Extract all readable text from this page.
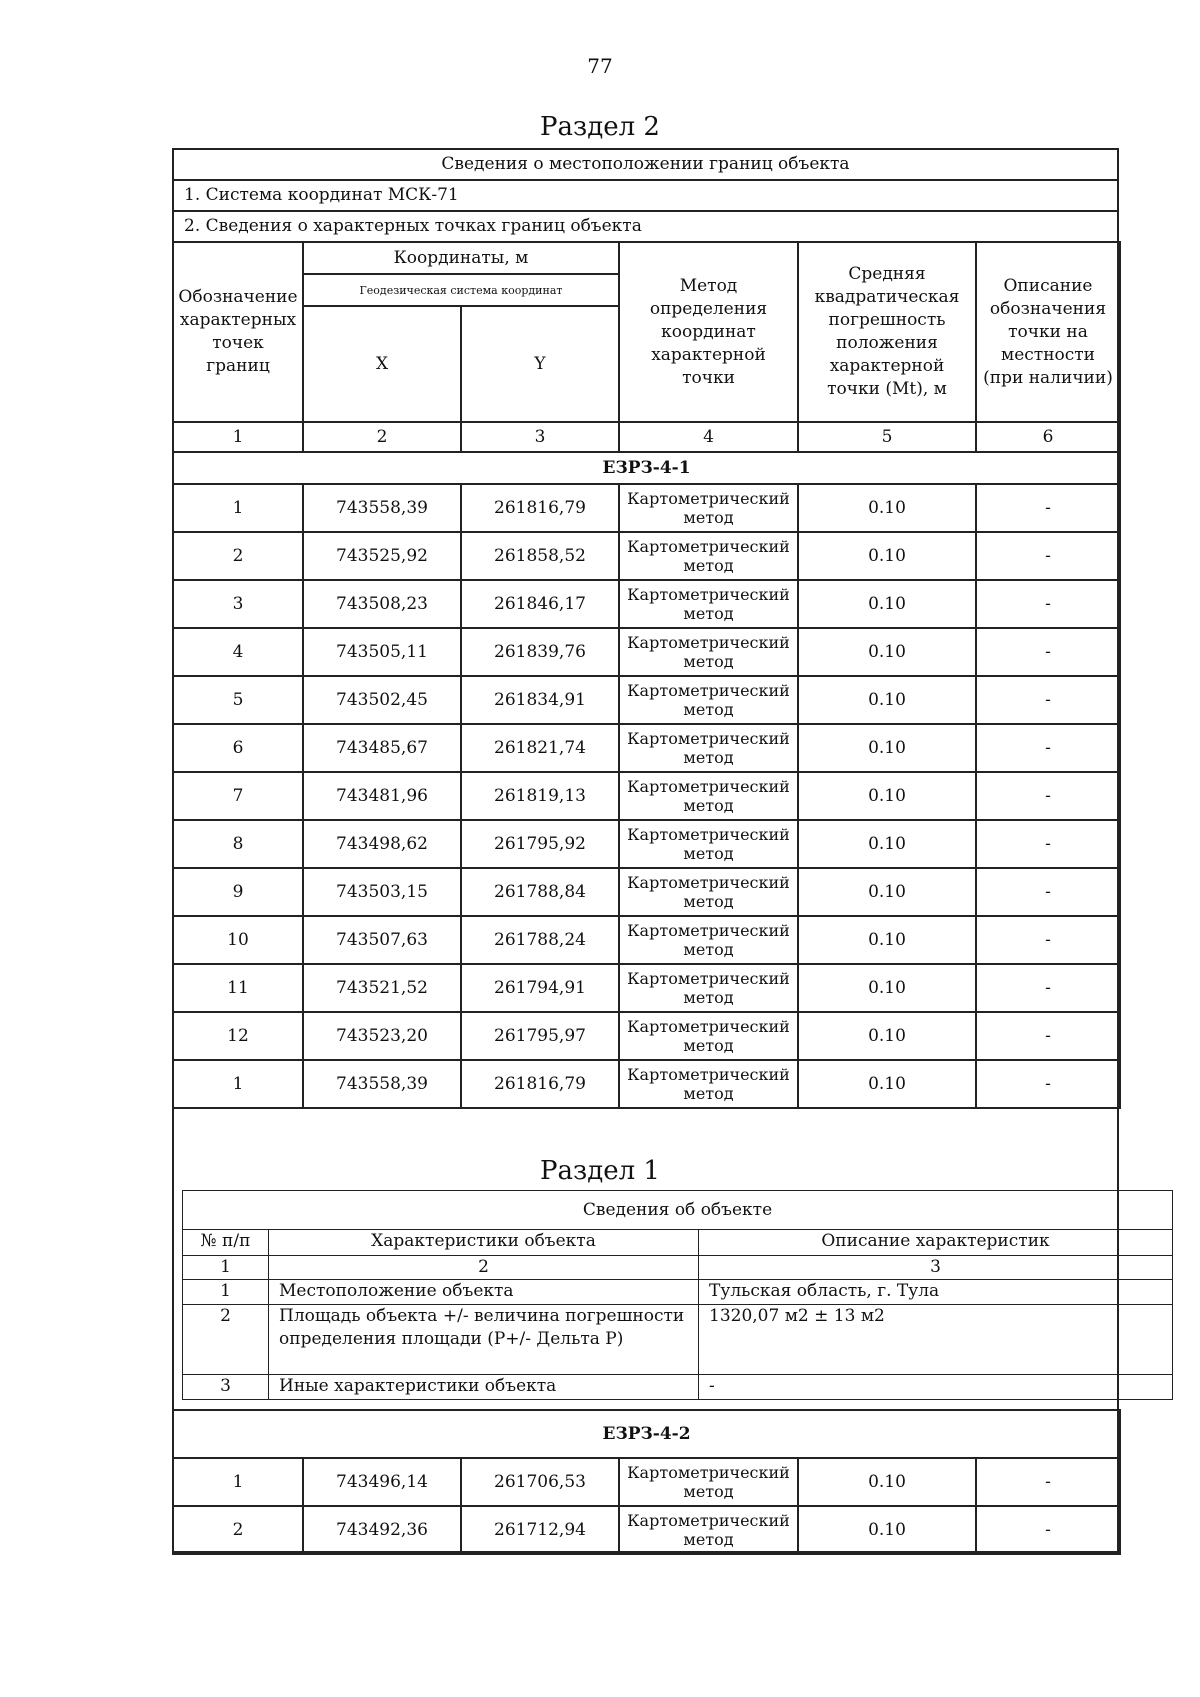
77
Раздел 2
Сведения о местоположении границ объекта
1. Система координат МСК-71
2. Сведения о характерных точках границ объекта
Обозначение характерных точек границ	Координаты, м		Метод определения координат характерной точки	Средняя квадратическая погрешность положения характерной точки (Mt), м	Описание обозначения точки на местности (при наличии)
	Геодезическая система координат				
	X	Y			
1	2	3	4	5	6
ЕЗРЗ-4-1					
1	743558,39	261816,79	Картометрический метод	0.10	-
2	743525,92	261858,52	Картометрический метод	0.10	-
3	743508,23	261846,17	Картометрический метод	0.10	-
4	743505,11	261839,76	Картометрический метод	0.10	-
5	743502,45	261834,91	Картометрический метод	0.10	-
6	743485,67	261821,74	Картометрический метод	0.10	-
7	743481,96	261819,13	Картометрический метод	0.10	-
8	743498,62	261795,92	Картометрический метод	0.10	-
9	743503,15	261788,84	Картометрический метод	0.10	-
10	743507,63	261788,24	Картометрический метод	0.10	-
11	743521,52	261794,91	Картометрический метод	0.10	-
12	743523,20	261795,97	Картометрический метод	0.10	-
1	743558,39	261816,79	Картометрический метод	0.10	-
Раздел 1
Сведения об объекте		
№ п/п	Характеристики объекта	Описание характеристик
1	2	3
1	Местоположение объекта	Тульская область, г. Тула
2	Площадь объекта +/- величина погрешности определения площади (Р+/- Дельта Р)	1320,07 м2 ± 13 м2
3	Иные характеристики объекта	-
ЕЗРЗ-4-2					
1	743496,14	261706,53	Картометрический метод	0.10	-
2	743492,36	261712,94	Картометрический метод	0.10	-
